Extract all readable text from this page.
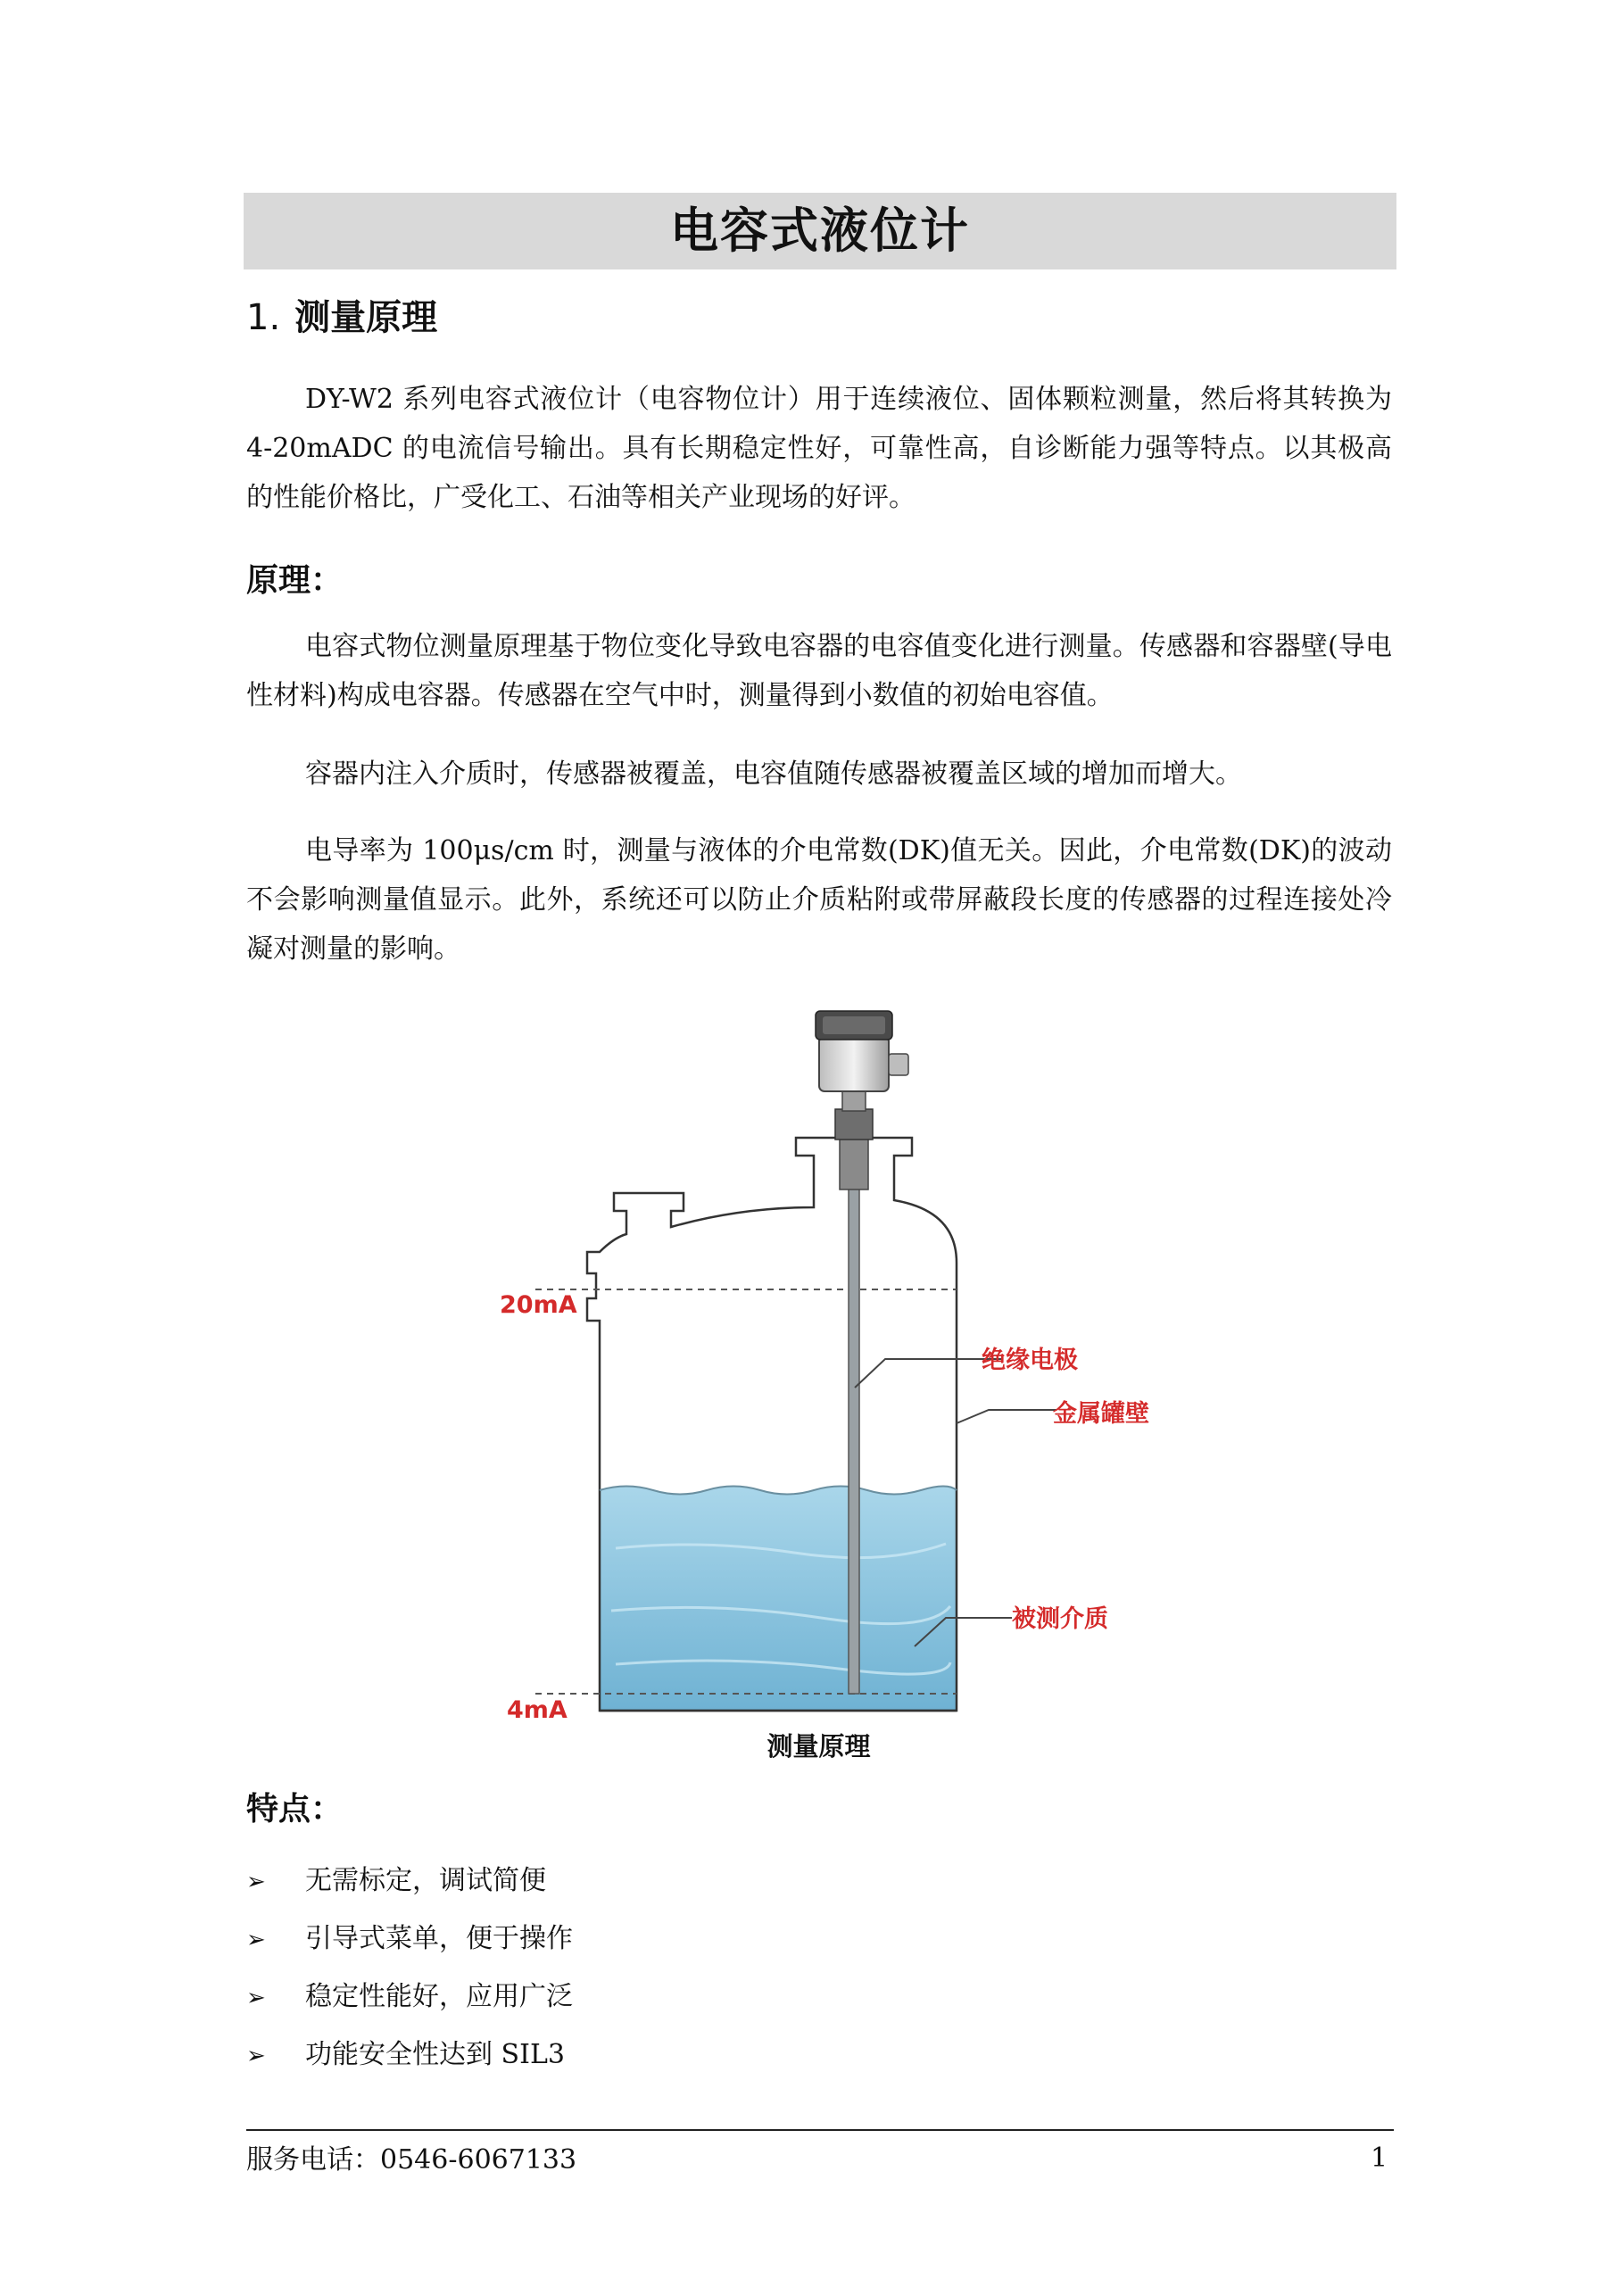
电容式液位计
1. 测量原理

DY-W2 系列电容式液位计（电容物位计）用于连续液位、固体颗粒测量，然后将其转换为 4-20mADC 的电流信号输出。具有长期稳定性好，可靠性高，自诊断能力强等特点。以其极高的性能价格比，广受化工、石油等相关产业现场的好评。

原理：

电容式物位测量原理基于物位变化导致电容器的电容值变化进行测量。传感器和容器壁(导电性材料)构成电容器。传感器在空气中时，测量得到小数值的初始电容值。

容器内注入介质时，传感器被覆盖，电容值随传感器被覆盖区域的增加而增大。

电导率为 100μs/cm 时，测量与液体的介电常数(DK)值无关。因此，介电常数(DK)的波动不会影响测量值显示。此外，系统还可以防止介质粘附或带屏蔽段长度的传感器的过程连接处冷凝对测量的影响。

20mA
4mA
绝缘电极
金属罐壁
被测介质
测量原理
特点：
➢ 无需标定，调试简便
➢ 引导式菜单，便于操作
➢ 稳定性能好，应用广泛
➢ 功能安全性达到 SIL3
服务电话：0546-6067133	1
